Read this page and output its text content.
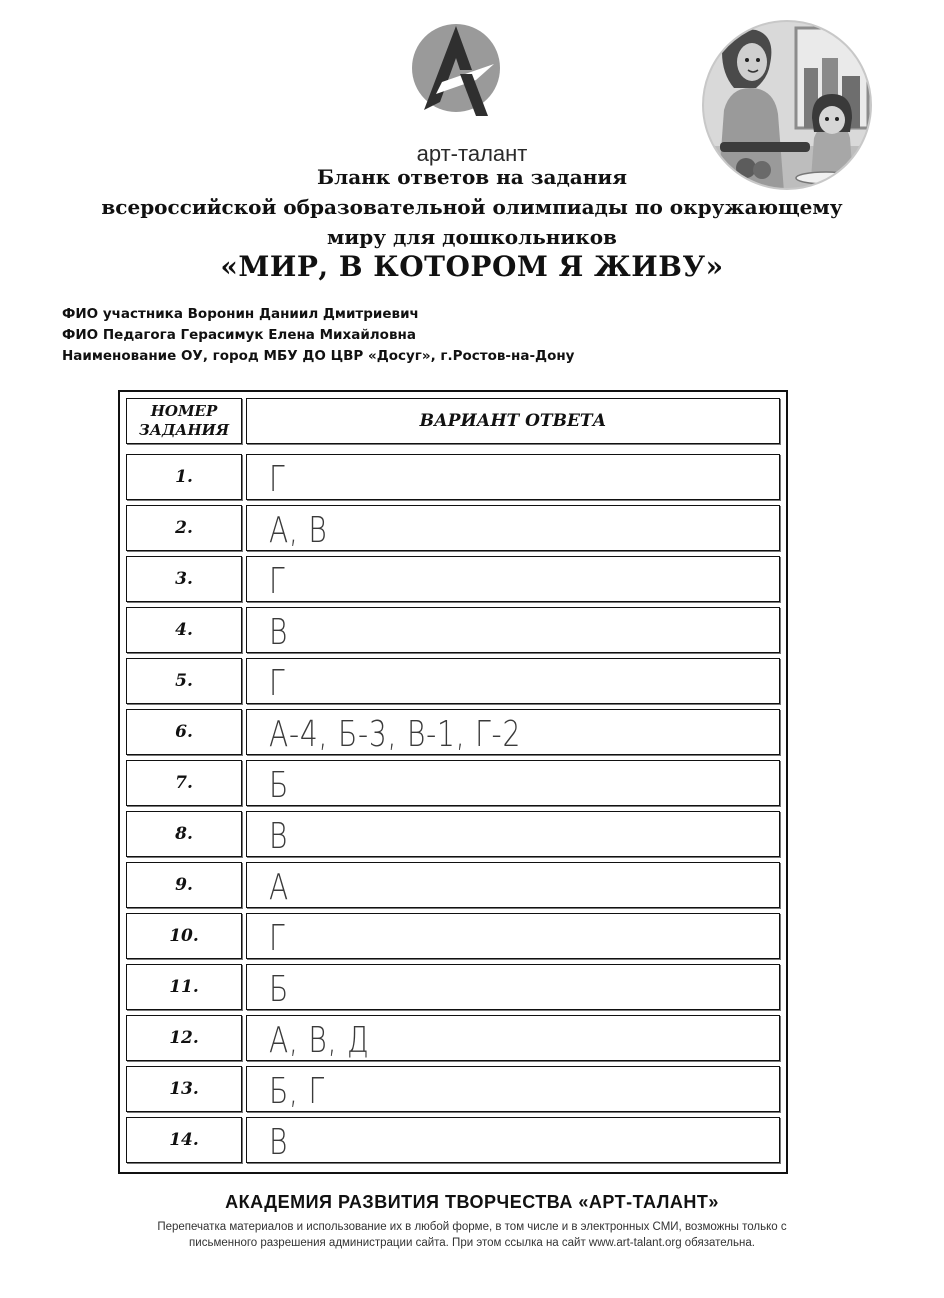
арт-талант
Бланк ответов на задания
всероссийской образовательной олимпиады по окружающему
миру для дошкольников
«МИР, В КОТОРОМ Я ЖИВУ»
ФИО участника Воронин Даниил Дмитриевич
ФИО Педагога Герасимук Елена Михайловна
Наименование ОУ, город МБУ ДО ЦВР «Досуг», г.Ростов-на-Дону
НОМЕР
ЗАДАНИЯ	ВАРИАНТ ОТВЕТА
1. Г
2. А, В
3. Г
4. В
5. Г
6. А-4, Б-3, В-1, Г-2
7. Б
8. В
9. А
10. Г
11. Б
12. А, В, Д
13. Б, Г
14. В
АКАДЕМИЯ РАЗВИТИЯ ТВОРЧЕСТВА «АРТ-ТАЛАНТ»
Перепечатка материалов и использование их в любой форме, в том числе и в электронных СМИ, возможны только с
письменного разрешения администрации сайта. При этом ссылка на сайт www.art-talant.org обязательна.
